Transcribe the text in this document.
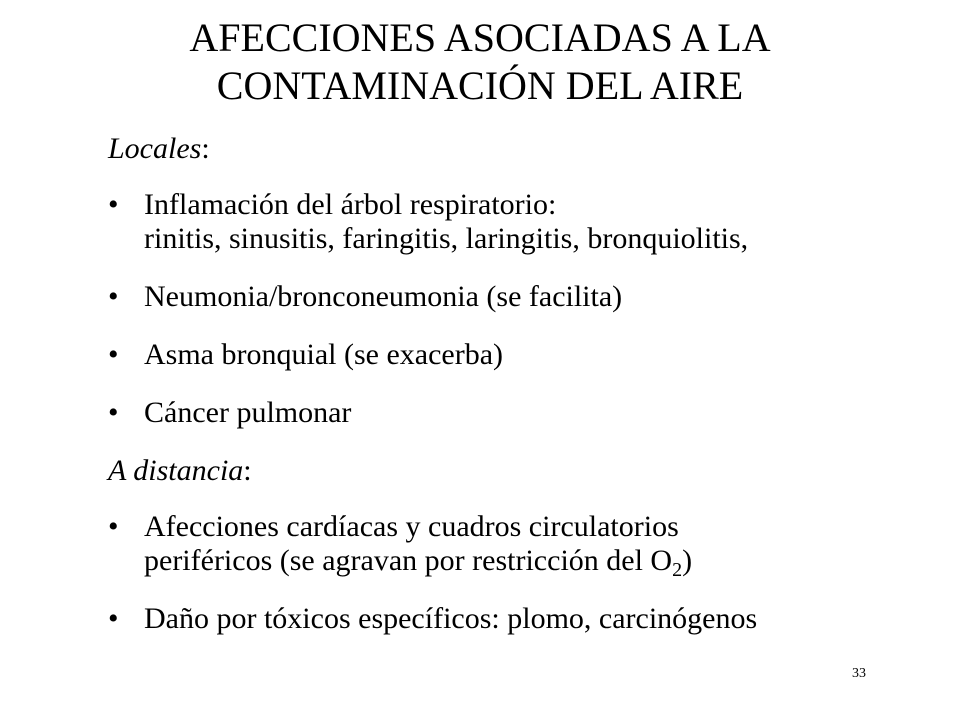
AFECCIONES ASOCIADAS A LA
CONTAMINACIÓN DEL AIRE

Locales:

• Inflamación del árbol respiratorio:
rinitis, sinusitis, faringitis, laringitis, bronquiolitis,
• Neumonia/bronconeumonia (se facilita)
• Asma bronquial (se exacerba)
• Cáncer pulmonar

A distancia:

• Afecciones cardíacas y cuadros circulatorios
periféricos (se agravan por restricción del $O_2$)
• Daño por tóxicos específicos: plomo, carcinógenos
33
